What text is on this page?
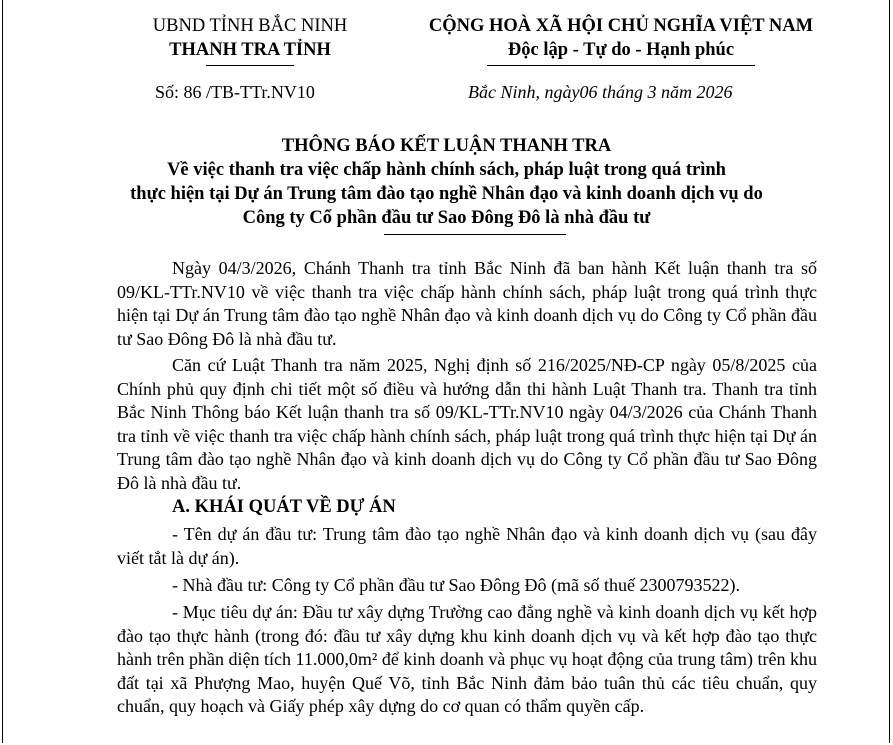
UBND TỈNH BẮC NINH
THANH TRA TỈNH
CỘNG HOÀ XÃ HỘI CHỦ NGHĨA VIỆT NAM
Độc lập - Tự do - Hạnh phúc
Số: 86 /TB-TTr.NV10	Bắc Ninh, ngày06 tháng 3 năm 2026
THÔNG BÁO KẾT LUẬN THANH TRA
Về việc thanh tra việc chấp hành chính sách, pháp luật trong quá trình
thực hiện tại Dự án Trung tâm đào tạo nghề Nhân đạo và kinh doanh dịch vụ do
Công ty Cổ phần đầu tư Sao Đông Đô là nhà đầu tư

Ngày 04/3/2026, Chánh Thanh tra tỉnh Bắc Ninh đã ban hành Kết luận thanh tra số 09/KL-TTr.NV10 về việc thanh tra việc chấp hành chính sách, pháp luật trong quá trình thực hiện tại Dự án Trung tâm đào tạo nghề Nhân đạo và kinh doanh dịch vụ do Công ty Cổ phần đầu tư Sao Đông Đô là nhà đầu tư.

Căn cứ Luật Thanh tra năm 2025, Nghị định số 216/2025/NĐ-CP ngày 05/8/2025 của Chính phủ quy định chi tiết một số điều và hướng dẫn thi hành Luật Thanh tra. Thanh tra tỉnh Bắc Ninh Thông báo Kết luận thanh tra số 09/KL-TTr.NV10 ngày 04/3/2026 của Chánh Thanh tra tỉnh về việc thanh tra việc chấp hành chính sách, pháp luật trong quá trình thực hiện tại Dự án Trung tâm đào tạo nghề Nhân đạo và kinh doanh dịch vụ do Công ty Cổ phần đầu tư Sao Đông Đô là nhà đầu tư.

A. KHÁI QUÁT VỀ DỰ ÁN

- Tên dự án đầu tư: Trung tâm đào tạo nghề Nhân đạo và kinh doanh dịch vụ (sau đây viết tắt là dự án).

- Nhà đầu tư: Công ty Cổ phần đầu tư Sao Đông Đô (mã số thuế 2300793522).

- Mục tiêu dự án: Đầu tư xây dựng Trường cao đẳng nghề và kinh doanh dịch vụ kết hợp đào tạo thực hành (trong đó: đầu tư xây dựng khu kinh doanh dịch vụ và kết hợp đào tạo thực hành trên phần diện tích 11.000,0m² để kinh doanh và phục vụ hoạt động của trung tâm) trên khu đất tại xã Phượng Mao, huyện Quế Võ, tỉnh Bắc Ninh đảm bảo tuân thủ các tiêu chuẩn, quy chuẩn, quy hoạch và Giấy phép xây dựng do cơ quan có thẩm quyền cấp.
